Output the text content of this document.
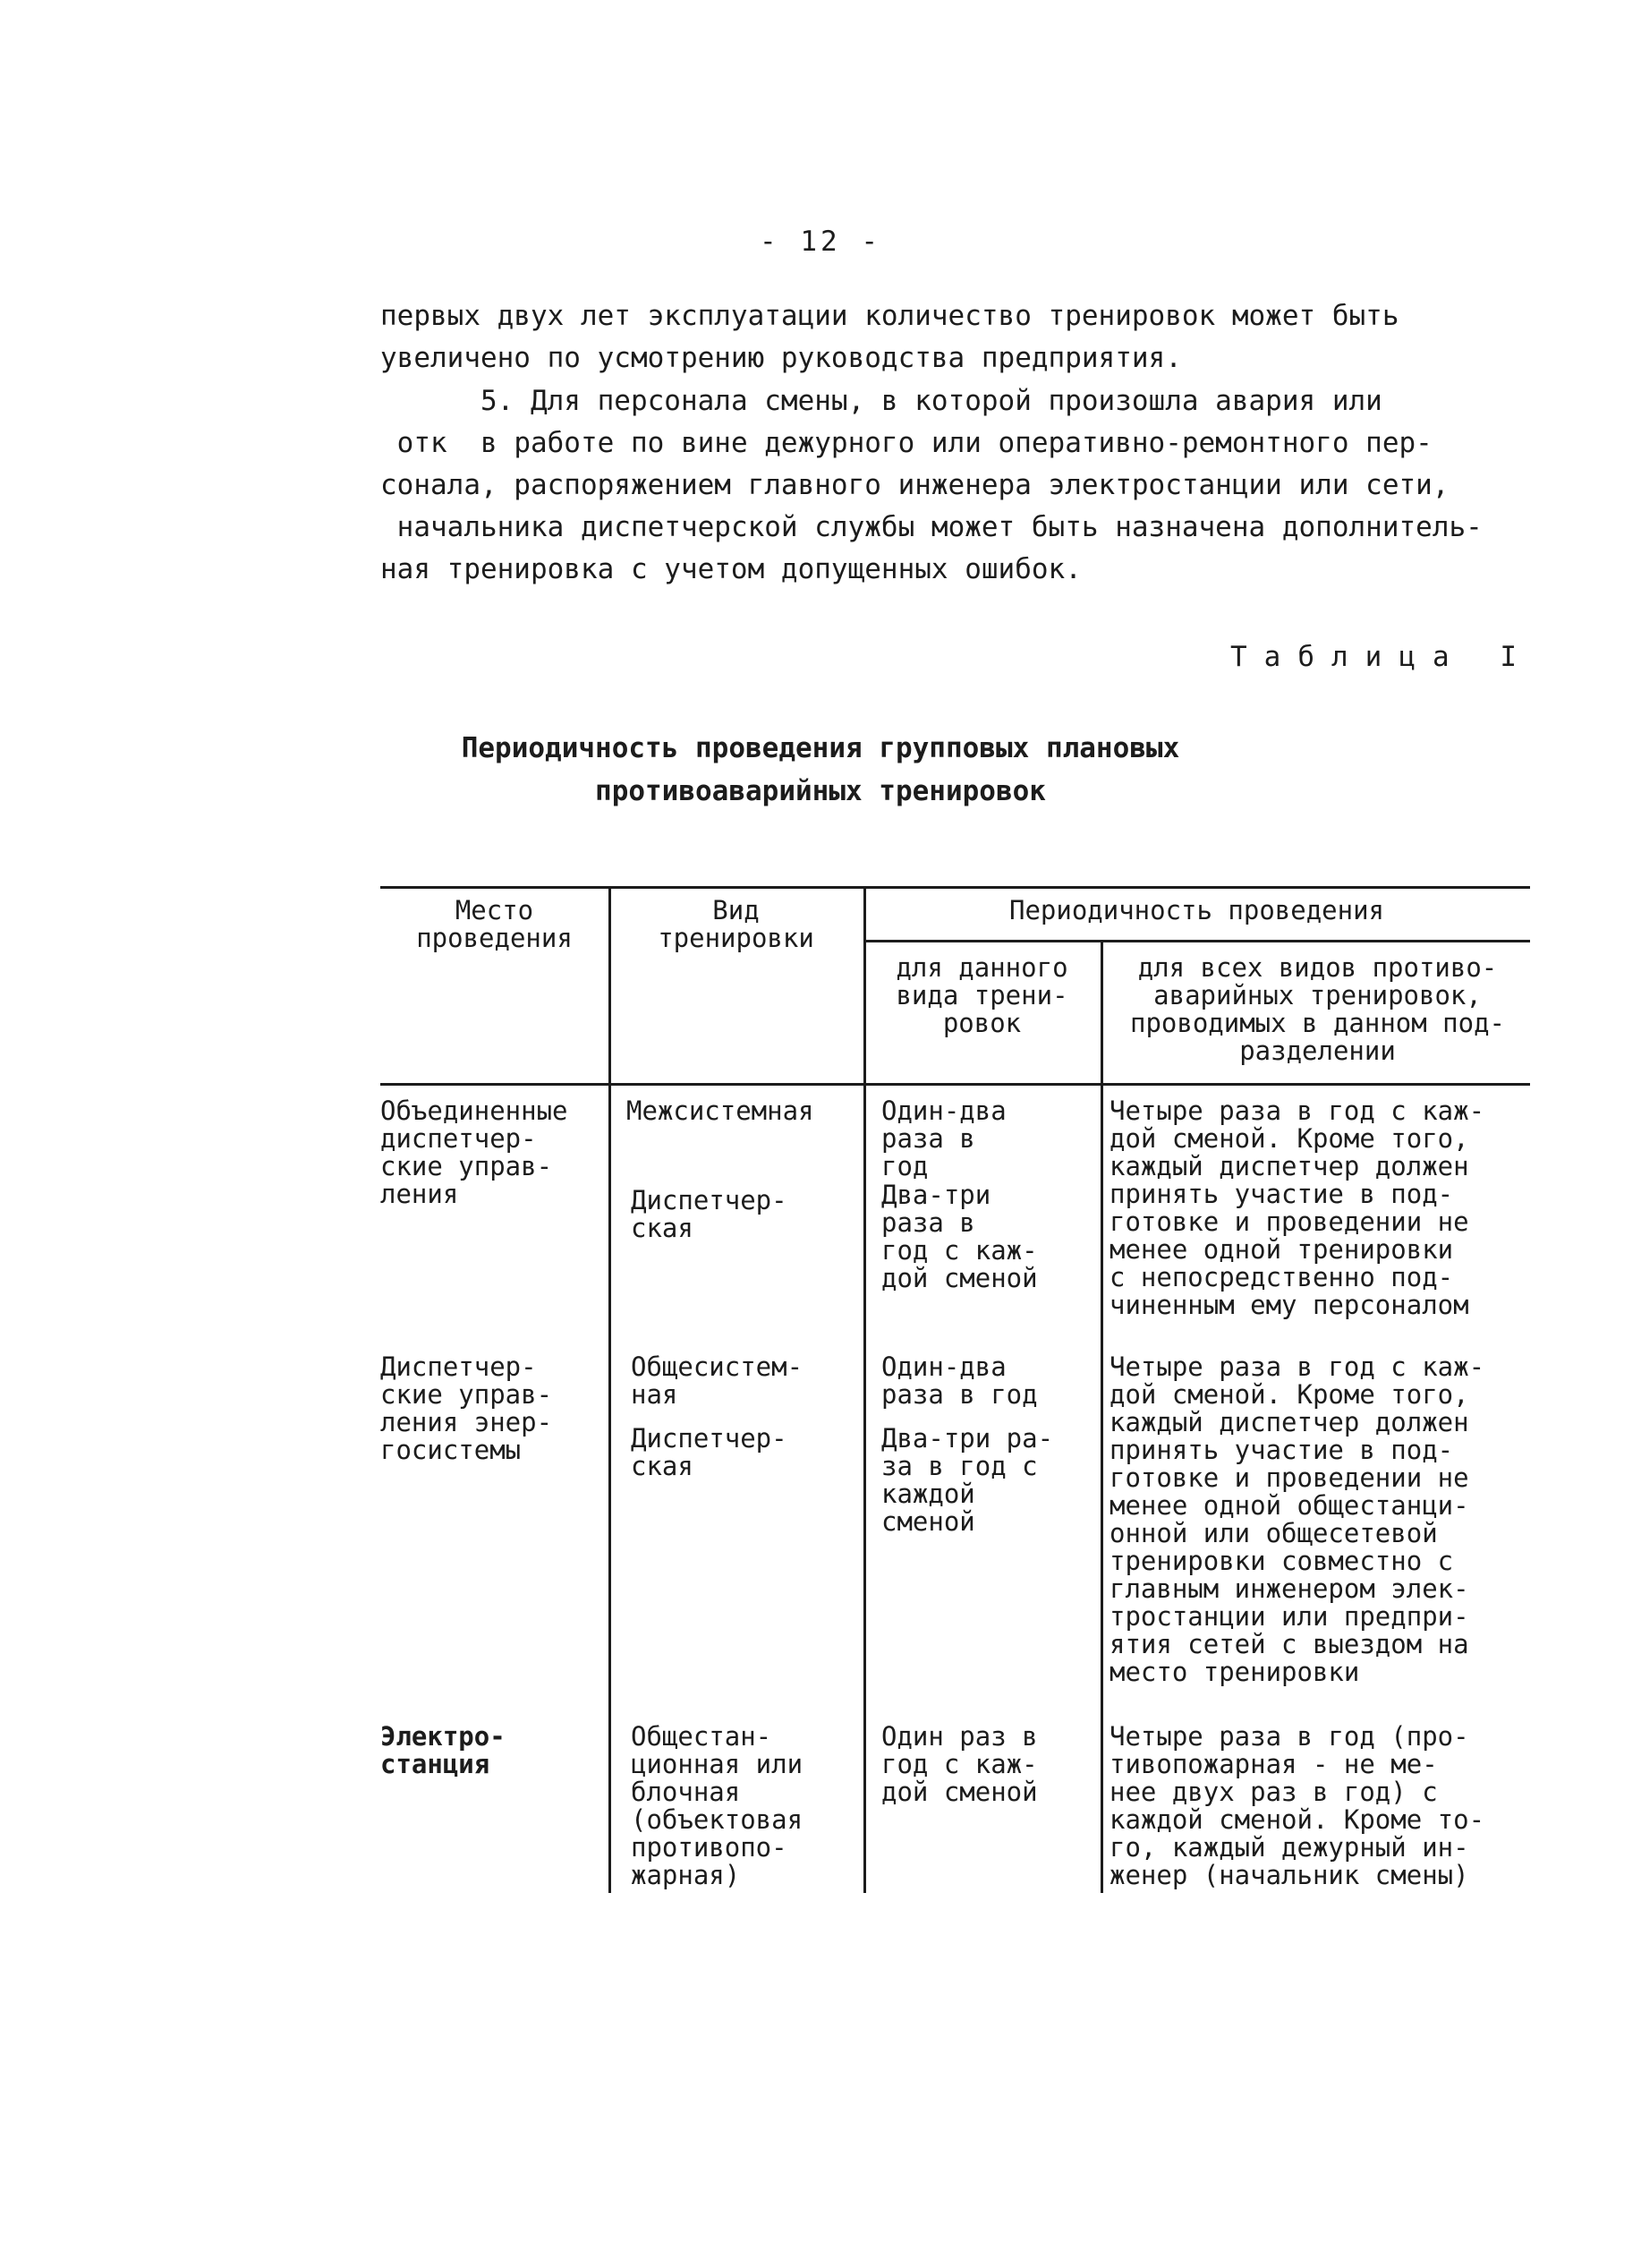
- 12 -

первых двух лет эксплуатации количество тренировок может быть
увеличено по усмотрению руководства предприятия.

5. Для персонала смены, в которой произошла авария или
отк  в работе по вине дежурного или оперативно-ремонтного пер-
сонала, распоряжением главного инженера электростанции или сети,
начальника диспетчерской службы может быть назначена дополнитель-
ная тренировка с учетом допущенных ошибок.

Таблица I
Периодичность проведения групповых плановых
противоаварийных тренировок
Место
проведения
Вид
тренировки
Периодичность проведения
для данного
вида трени-
ровок
для всех видов противо-
аварийных тренировок,
проводимых в данном под-
разделении
Объединенные
диспетчер-
ские управ-
ления
Межсистемная
Диспетчер-
ская
Один-два
раза в
год
Два-три
раза в
год с каж-
дой сменой
Четыре раза в год с каж-
дой сменой. Кроме того,
каждый диспетчер должен
принять участие в под-
готовке и проведении не
менее одной тренировки
с непосредственно под-
чиненным ему персоналом
Диспетчер-
ские управ-
ления энер-
госистемы
Общесистем-
ная
Диспетчер-
ская
Один-два
раза в год
Два-три ра-
за в год с
каждой
сменой
Четыре раза в год с каж-
дой сменой. Кроме того,
каждый диспетчер должен
принять участие в под-
готовке и проведении не
менее одной общестанци-
онной или общесетевой
тренировки совместно с
главным инженером элек-
тростанции или предпри-
ятия сетей с выездом на
место тренировки
Электро-
станция
Общестан-
ционная или
блочная
(объектовая
противопо-
жарная)
Один раз в
год с каж-
дой сменой
Четыре раза в год (про-
тивопожарная - не ме-
нее двух раз в год) с
каждой сменой. Кроме то-
го, каждый дежурный ин-
женер (начальник смены)
